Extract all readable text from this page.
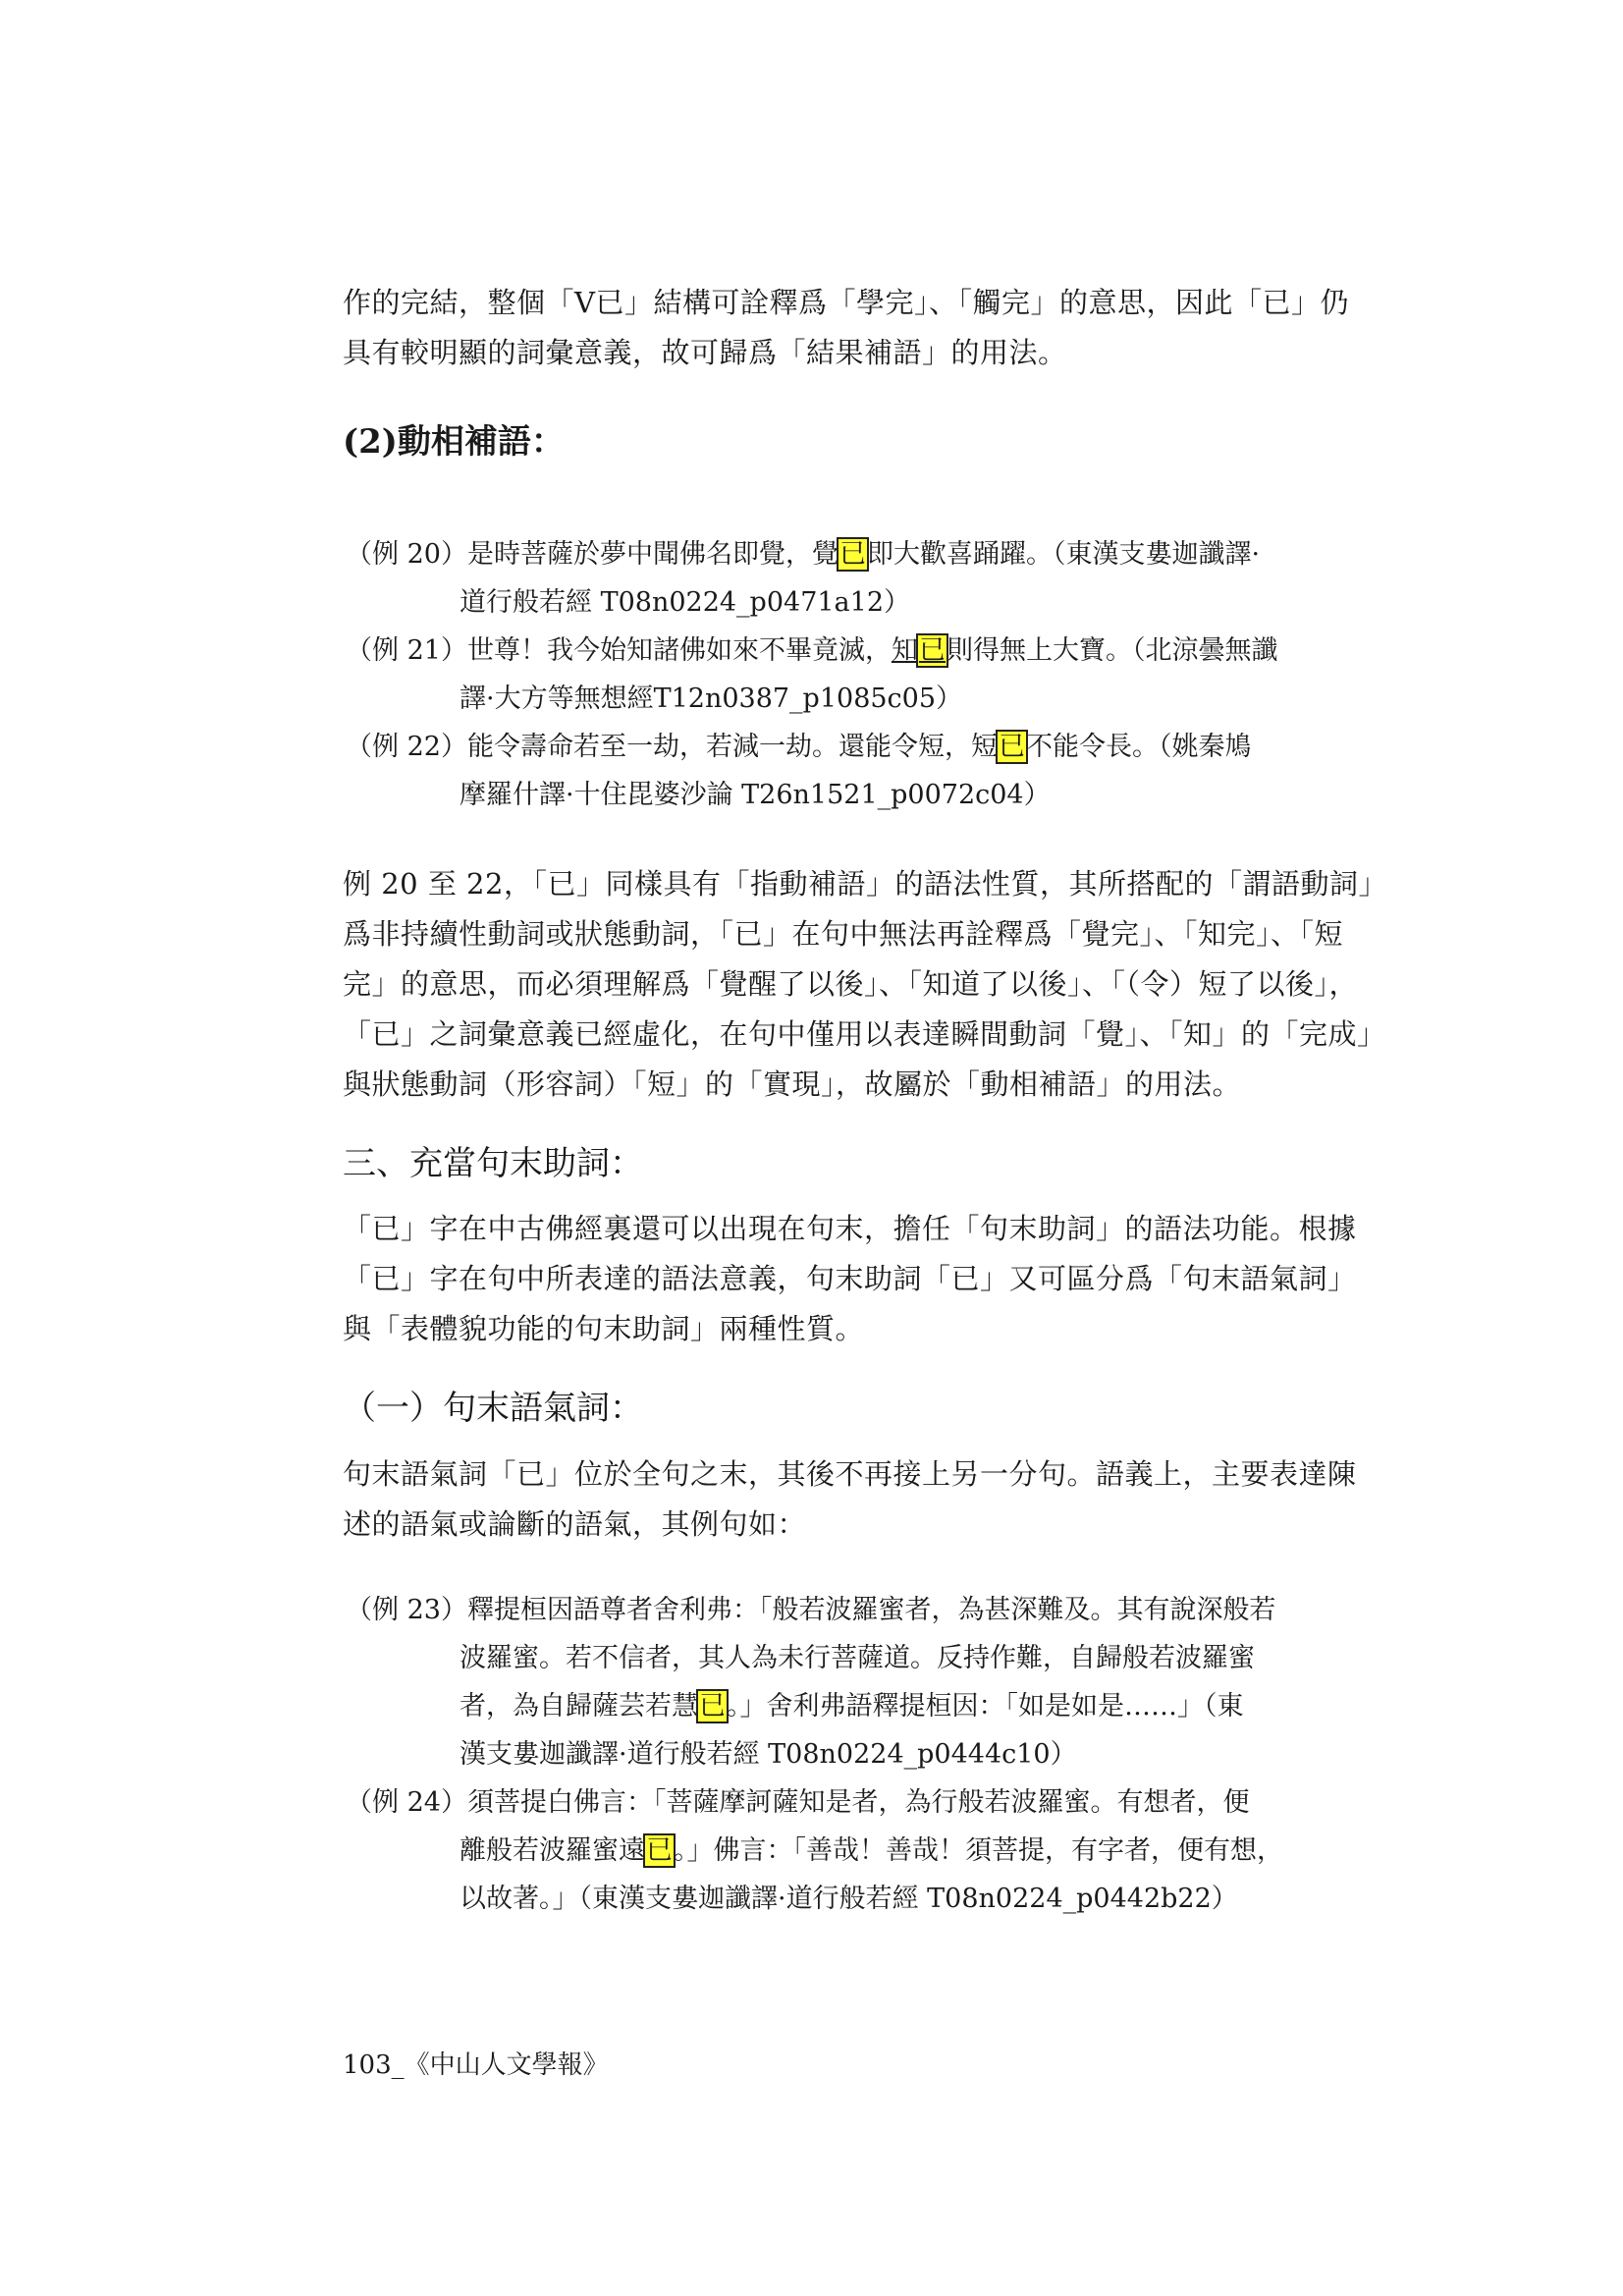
作的完結，整個「V已」結構可詮釋爲「學完」、「觸完」的意思，因此「已」仍

具有較明顯的詞彙意義，故可歸爲「結果補語」的用法。

(2)動相補語：
（例 20）是時菩薩於夢中聞佛名即覺，覺已即大歡喜踊躍。（東漢支婁迦讖譯·
道行般若經 T08n0224_p0471a12）
（例 21）世尊！我今始知諸佛如來不畢竟滅，知已則得無上大寶。（北涼曇無讖
譯·大方等無想經T12n0387_p1085c05）
（例 22）能令壽命若至一劫，若減一劫。還能令短，短已不能令長。（姚秦鳩
摩羅什譯·十住毘婆沙論 T26n1521_p0072c04）

例 20 至 22，「已」同樣具有「指動補語」的語法性質，其所搭配的「謂語動詞」

爲非持續性動詞或狀態動詞，「已」在句中無法再詮釋爲「覺完」、「知完」、「短

完」的意思，而必須理解爲「覺醒了以後」、「知道了以後」、「（令）短了以後」，

「已」之詞彙意義已經虛化，在句中僅用以表達瞬間動詞「覺」、「知」的「完成」

與狀態動詞（形容詞）「短」的「實現」，故屬於「動相補語」的用法。

三、充當句末助詞：

「已」字在中古佛經裏還可以出現在句末，擔任「句末助詞」的語法功能。根據

「已」字在句中所表達的語法意義，句末助詞「已」又可區分爲「句末語氣詞」

與「表體貌功能的句末助詞」兩種性質。

（一）句末語氣詞：

句末語氣詞「已」位於全句之末，其後不再接上另一分句。語義上，主要表達陳

述的語氣或論斷的語氣，其例句如：

（例 23）釋提桓因語尊者舍利弗：「般若波羅蜜者，為甚深難及。其有說深般若
波羅蜜。若不信者，其人為未行菩薩道。反持作難，自歸般若波羅蜜
者，為自歸薩芸若慧已。」舍利弗語釋提桓因：「如是如是……」（東
漢支婁迦讖譯·道行般若經 T08n0224_p0444c10）
（例 24）須菩提白佛言：「菩薩摩訶薩知是者，為行般若波羅蜜。有想者，便
離般若波羅蜜遠已。」佛言：「善哉！善哉！須菩提，有字者，便有想，
以故著。」（東漢支婁迦讖譯·道行般若經 T08n0224_p0442b22）
103_《中山人文學報》
